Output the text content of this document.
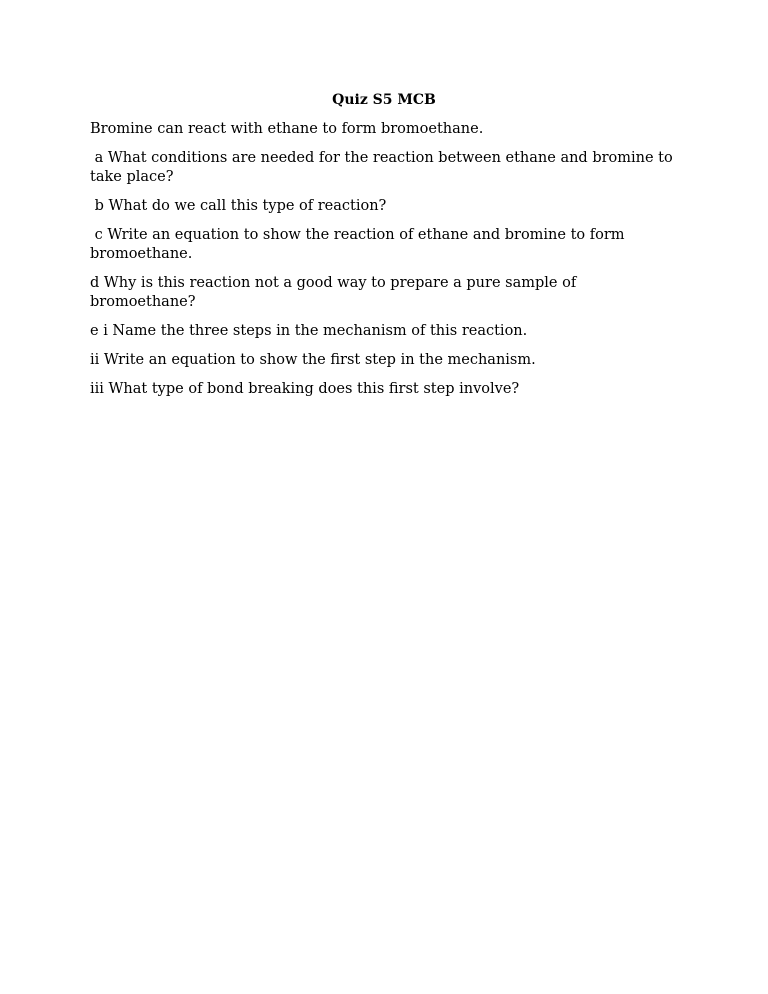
Quiz S5 MCB

Bromine can react with ethane to form bromoethane.

a What conditions are needed for the reaction between ethane and bromine to take place?

b What do we call this type of reaction?

c Write an equation to show the reaction of ethane and bromine to form bromoethane.

d Why is this reaction not a good way to prepare a pure sample of bromoethane?

e i Name the three steps in the mechanism of this reaction.

ii Write an equation to show the first step in the mechanism.

iii What type of bond breaking does this first step involve?
